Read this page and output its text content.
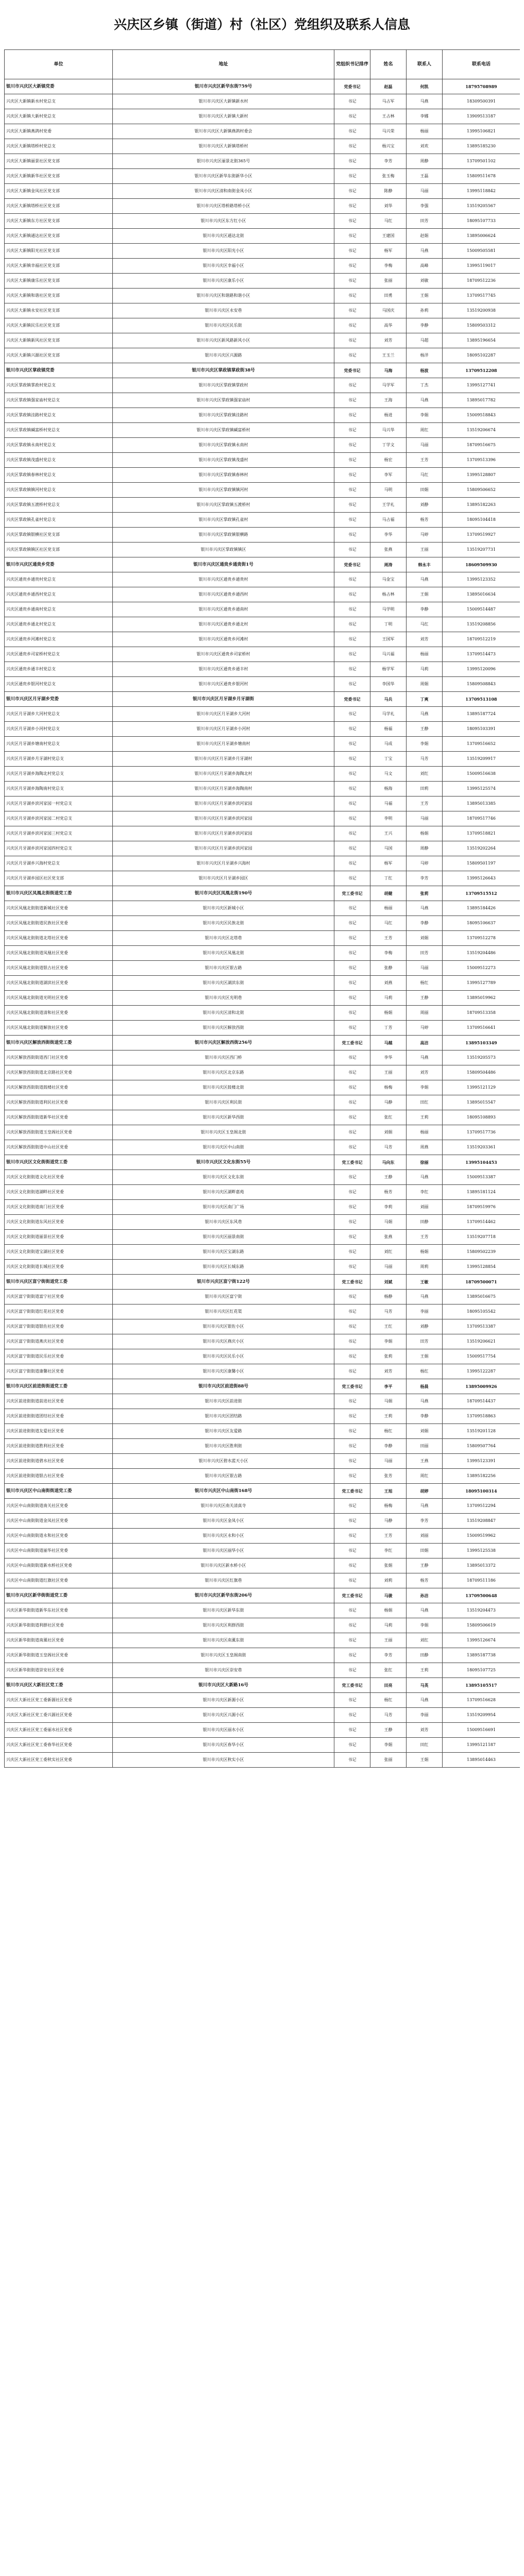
兴庆区乡镇（街道）村（社区）党组织及联系人信息
单位	地址	党组织书记排序	姓名	联系人	联系电话
银川市兴庆区大新镇党委	银川市兴庆区新华东街759号	党委书记	赵磊	何凯	18795708989
兴庆区大新镇新水村党总支	银川市兴庆区大新镇新水村	书记	马占军	马燕	18309500391
兴庆区大新镇大新村党总支	银川市兴庆区大新镇大新村	书记	王占林	李娜	13909513187
兴庆区大新镇燕鸽村党委	银川市兴庆区大新镇燕鸽村委会	书记	马兴荣	杨丽	13995106821
兴庆区大新镇塔桥村党总支	银川市兴庆区大新镇塔桥村	书记	杨兴宝	刘欢	13895185230
兴庆区大新镇丽景社区党支部	银川市兴庆区丽景北街365号	书记	李芳	周静	13709501102
兴庆区大新镇新华社区党支部	银川市兴庆区新华东街新华小区	书记	张玉梅	王磊	15809511678
兴庆区大新镇金凤社区党支部	银川市兴庆区清和南街金凤小区	书记	陈静	马丽	13995118842
兴庆区大新镇塔桥社区党支部	银川市兴庆区塔桥路塔桥小区	书记	刘华	李强	13519205567
兴庆区大新镇东方社区党支部	银川市兴庆区东方红小区	书记	马红	田芳	18095107733
兴庆区大新镇通达社区党支部	银川市兴庆区通达北街	书记	王建国	赵娟	13895006624
兴庆区大新镇阳光社区党支部	银川市兴庆区阳光小区	书记	杨军	马燕	15009505581
兴庆区大新镇幸福社区党支部	银川市兴庆区幸福小区	书记	李梅	高峰	13995119017
兴庆区大新镇康乐社区党支部	银川市兴庆区康乐小区	书记	张丽	刘敏	18709512236
兴庆区大新镇和谐社区党支部	银川市兴庆区和谐路和谐小区	书记	田勇	王娟	13709517745
兴庆区大新镇永安社区党支部	银川市兴庆区永安巷	书记	马国庆	孙莉	13519200938
兴庆区大新镇民乐社区党支部	银川市兴庆区民乐街	书记	高华	李静	15809503312
兴庆区大新镇新风社区党支部	银川市兴庆区新风路新风小区	书记	刘芳	马超	13895196654
兴庆区大新镇兴源社区党支部	银川市兴庆区兴源路	书记	王玉兰	杨洋	18095102287
银川市兴庆区掌政镇党委	银川市兴庆区掌政镇掌政街38号	党委书记	马海	杨波	13709512208
兴庆区掌政镇掌政村党总支	银川市兴庆区掌政镇掌政村	书记	马学军	丁杰	13995127741
兴庆区掌政镇强家庙村党总支	银川市兴庆区掌政镇强家庙村	书记	王海	马燕	13895017782
兴庆区掌政镇洼路村党总支	银川市兴庆区掌政镇洼路村	书记	杨进	李娟	15009518843
兴庆区掌政镇碱富桥村党总支	银川市兴庆区掌政镇碱富桥村	书记	马兴华	周红	13519206674
兴庆区掌政镇永南村党总支	银川市兴庆区掌政镇永南村	书记	丁学文	马丽	18709516675
兴庆区掌政镇茂盛村党总支	银川市兴庆区掌政镇茂盛村	书记	杨宏	王芳	13709513396
兴庆区掌政镇春林村党总支	银川市兴庆区掌政镇春林村	书记	李军	马红	13995128807
兴庆区掌政镇镇河村党总支	银川市兴庆区掌政镇镇河村	书记	马明	田娟	15809506652
兴庆区掌政镇五渡桥村党总支	银川市兴庆区掌政镇五渡桥村	书记	王学礼	刘静	13895182263
兴庆区掌政镇孔雀村党总支	银川市兴庆区掌政镇孔雀村	书记	马占福	杨芳	18095104418
兴庆区掌政镇银横社区党支部	银川市兴庆区掌政镇银横路	书记	李华	马婷	13709519927
兴庆区掌政镇镇区社区党支部	银川市兴庆区掌政镇镇区	书记	张燕	王丽	13519207731
银川市兴庆区通贵乡党委	银川市兴庆区通贵乡通贵街1号	党委书记	周涛	韩永丰	18609509930
兴庆区通贵乡通贵村党总支	银川市兴庆区通贵乡通贵村	书记	马金宝	马燕	13995123352
兴庆区通贵乡通西村党总支	银川市兴庆区通贵乡通西村	书记	杨占林	王娟	13895016634
兴庆区通贵乡通南村党总支	银川市兴庆区通贵乡通南村	书记	马学明	李静	15009514487
兴庆区通贵乡通北村党总支	银川市兴庆区通贵乡通北村	书记	丁明	马红	13519208856
兴庆区通贵乡河滩村党总支	银川市兴庆区通贵乡河滩村	书记	王国军	刘芳	18709512219
兴庆区通贵乡司家桥村党总支	银川市兴庆区通贵乡司家桥村	书记	马兴福	杨丽	13709514473
兴庆区通贵乡通丰村党总支	银川市兴庆区通贵乡通丰村	书记	杨学军	马莉	13995120096
兴庆区通贵乡银河村党总支	银川市兴庆区通贵乡银河村	书记	李国华	周娟	15809508843
银川市兴庆区月牙湖乡党委	银川市兴庆区月牙湖乡月牙湖街	党委书记	马兵	丁爽	13709513108
兴庆区月牙湖乡大河村党总支	银川市兴庆区月牙湖乡大河村	书记	马学礼	马燕	13895187724
兴庆区月牙湖乡小河村党总支	银川市兴庆区月牙湖乡小河村	书记	杨福	王静	18095103391
兴庆区月牙湖乡塘南村党总支	银川市兴庆区月牙湖乡塘南村	书记	马成	李娟	13709516652
兴庆区月牙湖乡月牙湖村党总支	银川市兴庆区月牙湖乡月牙湖村	书记	丁宝	马芳	13519209917
兴庆区月牙湖乡海陶北村党总支	银川市兴庆区月牙湖乡海陶北村	书记	马文	刘红	15009516638
兴庆区月牙湖乡海陶南村党总支	银川市兴庆区月牙湖乡海陶南村	书记	杨海	田莉	13995125574
兴庆区月牙湖乡滨河家园一村党总支	银川市兴庆区月牙湖乡滨河家园	书记	马福	王芳	13895013385
兴庆区月牙湖乡滨河家园二村党总支	银川市兴庆区月牙湖乡滨河家园	书记	李明	马丽	18709517746
兴庆区月牙湖乡滨河家园三村党总支	银川市兴庆区月牙湖乡滨河家园	书记	王兴	杨娟	13709518821
兴庆区月牙湖乡滨河家园四村党总支	银川市兴庆区月牙湖乡滨河家园	书记	马国	周静	13519202264
兴庆区月牙湖乡兴海村党总支	银川市兴庆区月牙湖乡兴海村	书记	杨军	马婷	15809501197
兴庆区月牙湖乡园区社区党支部	银川市兴庆区月牙湖乡园区	书记	丁红	李芳	13995126643
银川市兴庆区凤凰北街街道党工委	银川市兴庆区凤凰北街190号	党工委书记	胡健	张莉	13709515512
兴庆区凤凰北街街道新城社区党委	银川市兴庆区新城小区	书记	杨丽	马燕	13895184426
兴庆区凤凰北街街道民族社区党委	银川市兴庆区民族北街	书记	马红	李静	18095106637
兴庆区凤凰北街街道北塔社区党委	银川市兴庆区北塔巷	书记	王芳	刘娟	13709512278
兴庆区凤凰北街街道凤凰社区党委	银川市兴庆区凤凰北街	书记	李梅	田芳	13519204486
兴庆区凤凰北街街道银古社区党委	银川市兴庆区银古路	书记	张静	马丽	15009512273
兴庆区凤凰北街街道湖滨社区党委	银川市兴庆区湖滨东街	书记	刘燕	杨红	13995127789
兴庆区凤凰北街街道光明社区党委	银川市兴庆区光明巷	书记	马莉	王静	13895019962
兴庆区凤凰北街街道清和社区党委	银川市兴庆区清和北街	书记	杨娟	周丽	18709513358
兴庆区凤凰北街街道解放社区党委	银川市兴庆区解放西街	书记	丁芳	马婷	13709516641
银川市兴庆区解放西街街道党工委	银川市兴庆区解放西街256号	党工委书记	马越	高洁	13895103349
兴庆区解放西街街道西门社区党委	银川市兴庆区西门桥	书记	李华	马燕	13519205573
兴庆区解放西街街道北京路社区党委	银川市兴庆区北京东路	书记	王丽	刘芳	15809504486
兴庆区解放西街街道鼓楼社区党委	银川市兴庆区鼓楼北街	书记	杨梅	李娟	13995121129
兴庆区解放西街街道利民社区党委	银川市兴庆区利民街	书记	马静	田红	13895015547
兴庆区解放西街街道新华社区党委	银川市兴庆区新华西街	书记	张红	王莉	18095108893
兴庆区解放西街街道玉皇阁社区党委	银川市兴庆区玉皇阁北街	书记	刘娟	杨丽	13709517736
兴庆区解放西街街道中山社区党委	银川市兴庆区中山南街	书记	马芳	周燕	13519203361
银川市兴庆区文化街街道党工委	银川市兴庆区文化东街55号	党工委书记	马向东	徐丽	13995104453
兴庆区文化街街道文化社区党委	银川市兴庆区文化东街	书记	王静	马燕	15009513387
兴庆区文化街街道湖畔社区党委	银川市兴庆区湖畔嘉苑	书记	杨芳	李红	13895181124
兴庆区文化街街道南门社区党委	银川市兴庆区南门广场	书记	李莉	刘丽	18709519976
兴庆区文化街街道东风社区党委	银川市兴庆区东风巷	书记	马娟	田静	13709514462
兴庆区文化街街道丽景社区党委	银川市兴庆区丽景南街	书记	张燕	王芳	13519207718
兴庆区文化街街道宝湖社区党委	银川市兴庆区宝湖东路	书记	刘红	杨娟	15809502239
兴庆区文化街街道长城社区党委	银川市兴庆区长城东路	书记	马丽	周莉	13995128854
银川市兴庆区富宁街街道党工委	银川市兴庆区富宁街122号	党工委书记	刘斌	王敏	18709500071
兴庆区富宁街街道富宁社区党委	银川市兴庆区富宁街	书记	杨静	马燕	13895016675
兴庆区富宁街街道红花社区党委	银川市兴庆区红花渠	书记	马芳	李丽	18095105542
兴庆区富宁街街道银佐社区党委	银川市兴庆区银佐小区	书记	王红	刘静	13709513387
兴庆区富宁街街道燕庆社区党委	银川市兴庆区燕庆小区	书记	李娟	田芳	13519206621
兴庆区富宁街街道民乐社区党委	银川市兴庆区民乐小区	书记	张莉	王娟	15009517754
兴庆区富宁街街道康馨社区党委	银川市兴庆区康馨小区	书记	刘芳	杨红	13995122287
银川市兴庆区前进街街道党工委	银川市兴庆区前进街88号	党工委书记	李平	杨晨	13895009926
兴庆区前进街街道前进社区党委	银川市兴庆区前进街	书记	马娟	马燕	18709514437
兴庆区前进街街道团结社区党委	银川市兴庆区团结路	书记	王莉	李静	13709518863
兴庆区前进街街道友爱社区党委	银川市兴庆区友爱路	书记	杨红	刘娟	13519201128
兴庆区前进街街道胜利社区党委	银川市兴庆区胜利街	书记	李静	田丽	15809507764
兴庆区前进街街道碧水社区党委	银川市兴庆区碧水蓝天小区	书记	马丽	王燕	13995123391
兴庆区前进街街道银古社区党委	银川市兴庆区银古路	书记	张芳	周红	13895182256
银川市兴庆区中山南街街道党工委	银川市兴庆区中山南街168号	党工委书记	王旭	胡婷	18095100314
兴庆区中山南街街道南关社区党委	银川市兴庆区南关清真寺	书记	杨梅	马燕	13709512294
兴庆区中山南街街道金凤社区党委	银川市兴庆区金凤小区	书记	马静	李芳	13519208847
兴庆区中山南街街道永和社区党委	银川市兴庆区永和小区	书记	王芳	刘丽	15009519962
兴庆区中山南街街道丽华社区党委	银川市兴庆区丽华小区	书记	李红	田娟	13995125538
兴庆区中山南街街道新水桥社区党委	银川市兴庆区新水桥小区	书记	张娟	王静	13895013372
兴庆区中山南街街道红旗社区党委	银川市兴庆区红旗巷	书记	刘莉	杨芳	18709511186
银川市兴庆区新华街街道党工委	银川市兴庆区新华东街206号	党工委书记	马骏	孙洁	13709500648
兴庆区新华街街道新华东社区党委	银川市兴庆区新华东街	书记	杨娟	马燕	13519204473
兴庆区新华街街道利群社区党委	银川市兴庆区利群西街	书记	马莉	李娟	15809506619
兴庆区新华街街道南薰社区党委	银川市兴庆区南薰东街	书记	王丽	刘红	13995126674
兴庆区新华街街道玉皇阁社区党委	银川市兴庆区玉皇阁南街	书记	李芳	田静	13895187738
兴庆区新华街街道崇安社区党委	银川市兴庆区崇安巷	书记	张红	王莉	18095107725
银川市兴庆区大新社区党工委	银川市兴庆区大新路16号	党工委书记	田亮	马英	13895105517
兴庆区大新社区党工委新源社区党委	银川市兴庆区新源小区	书记	杨红	马燕	13709516628
兴庆区大新社区党工委兴源社区党委	银川市兴庆区兴源小区	书记	马芳	李丽	13519209954
兴庆区大新社区党工委丽水社区党委	银川市兴庆区丽水小区	书记	王静	刘芳	15009516691
兴庆区大新社区党工委春华社区党委	银川市兴庆区春华小区	书记	李娟	田红	13995121187
兴庆区大新社区党工委秋实社区党委	银川市兴庆区秋实小区	书记	张丽	王娟	13895014463
